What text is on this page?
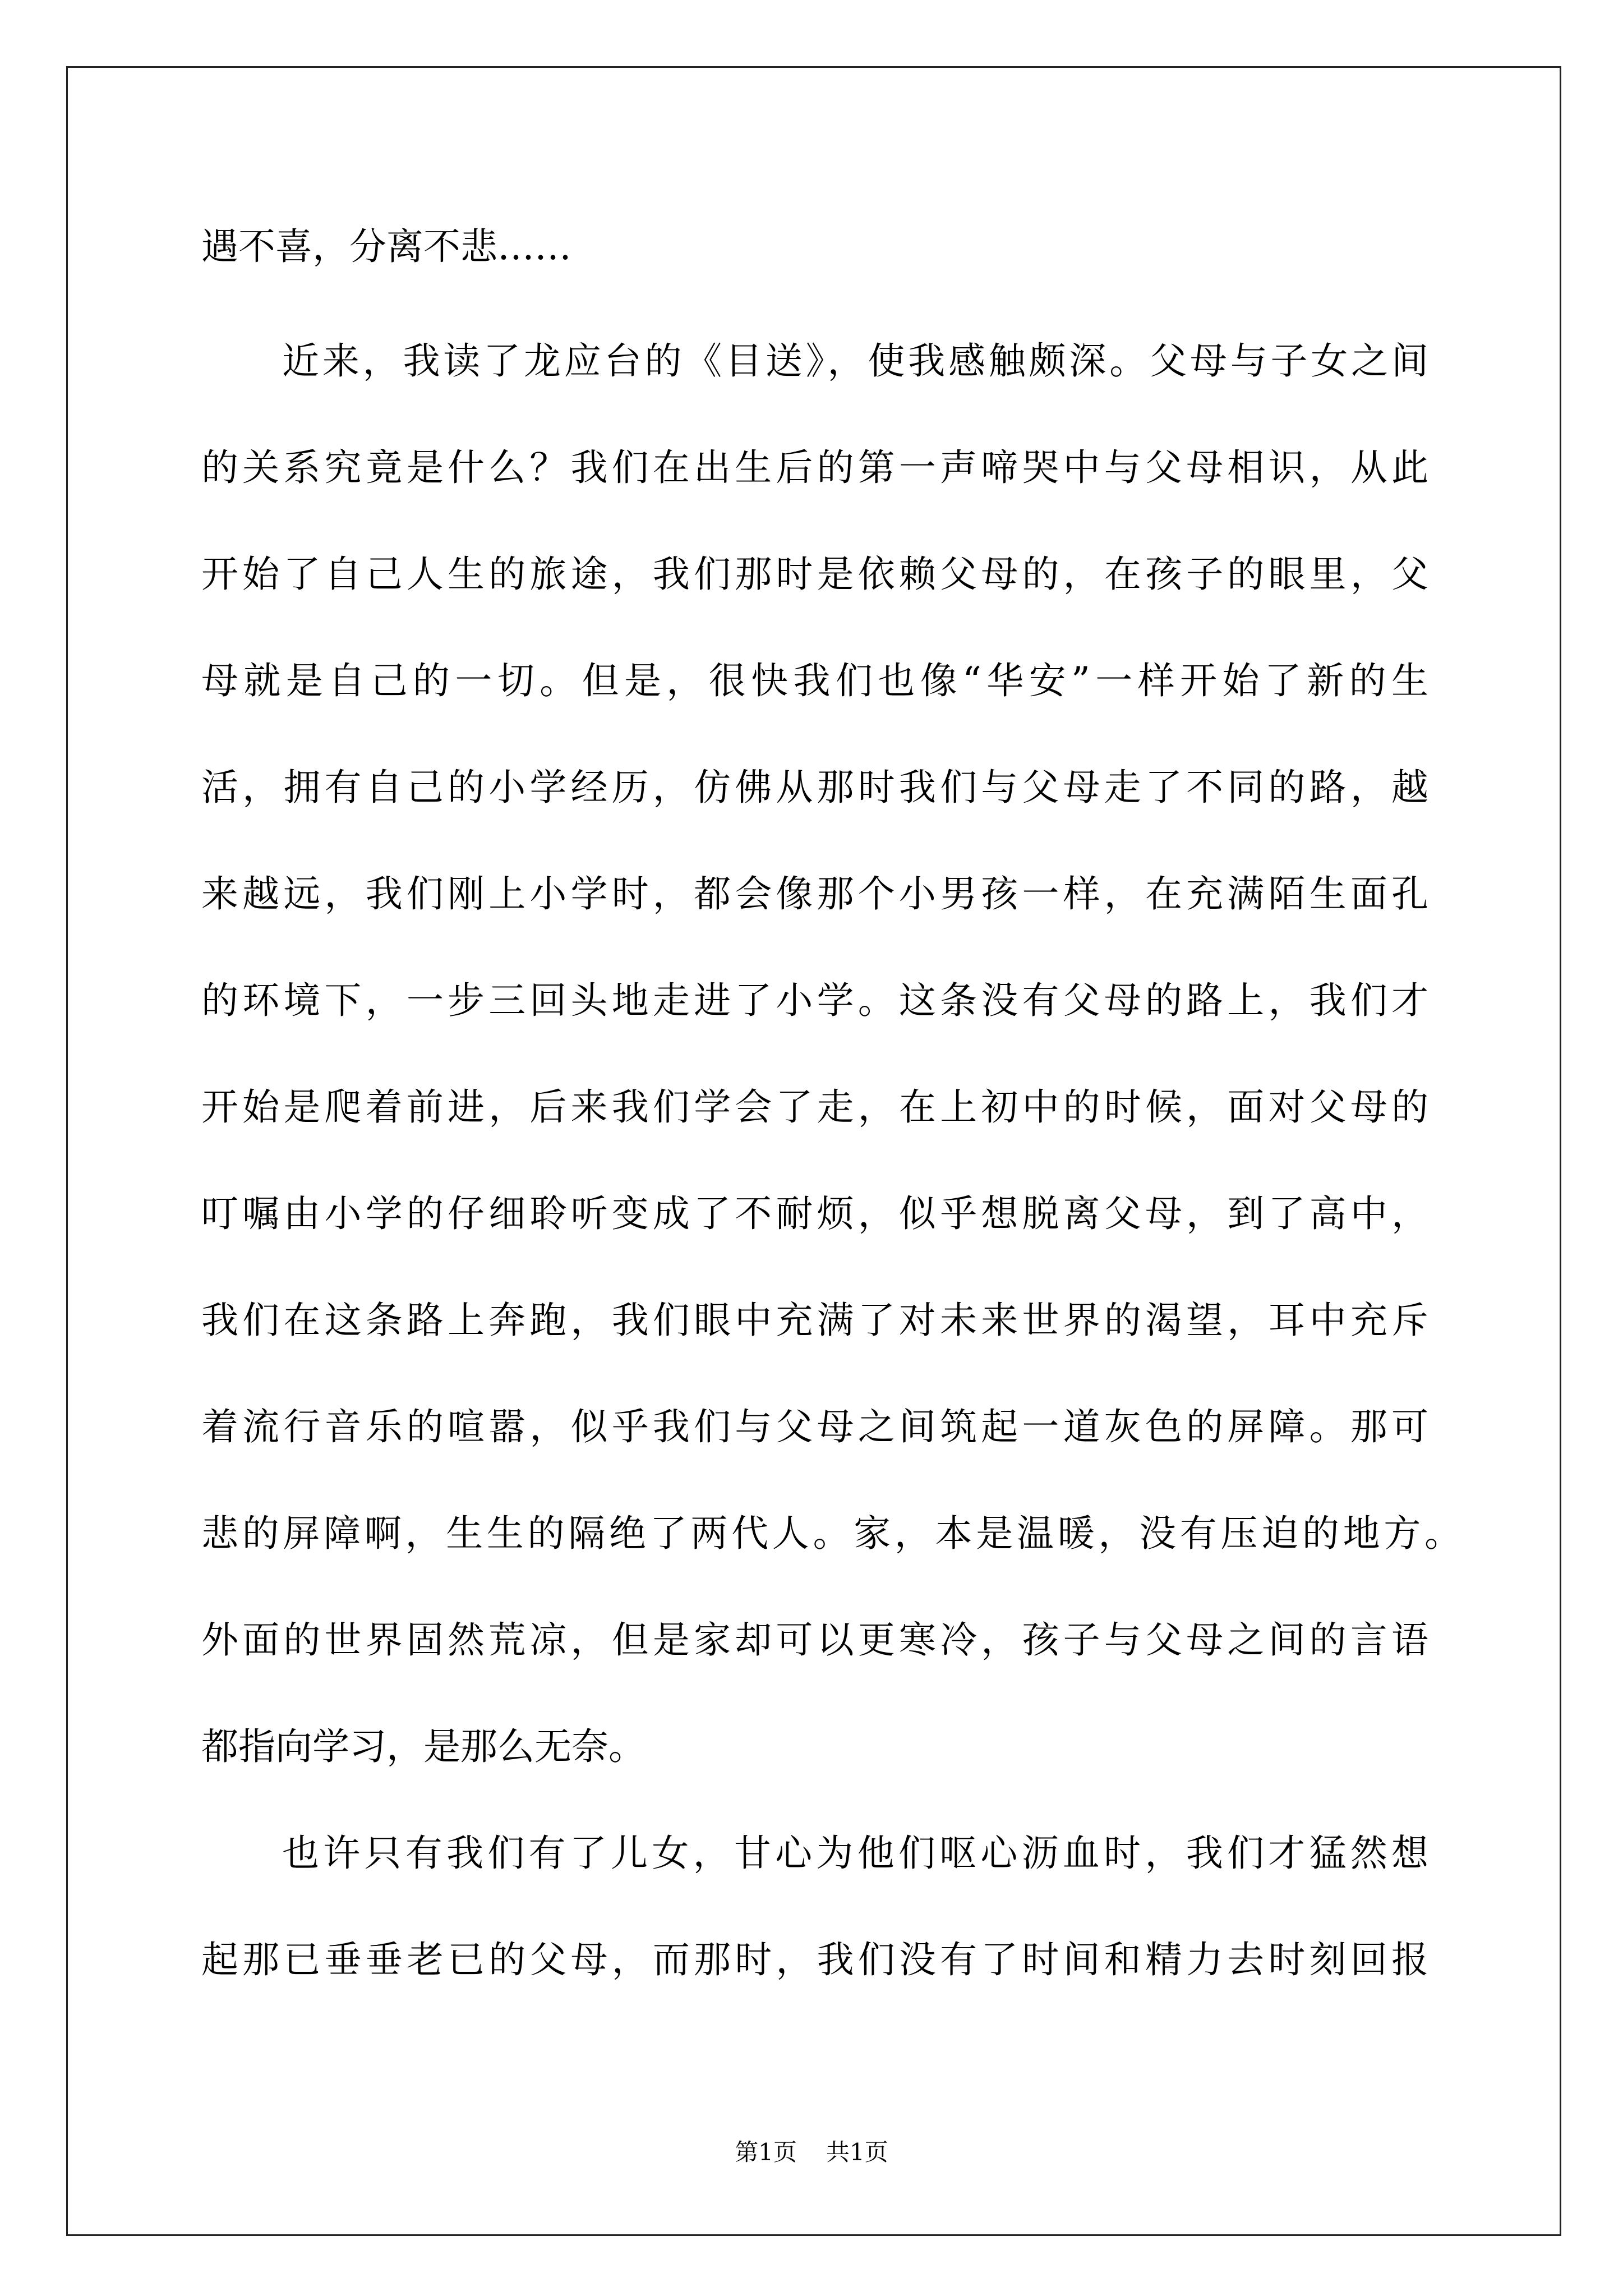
遇不喜，分离不悲……
近来，我读了龙应台的《目送》，使我感触颇深。父母与子女之间
的关系究竟是什么？我们在出生后的第一声啼哭中与父母相识，从此
开始了自己人生的旅途，我们那时是依赖父母的，在孩子的眼里，父
母就是自己的一切。但是，很快我们也像“华安”一样开始了新的生
活，拥有自己的小学经历，仿佛从那时我们与父母走了不同的路，越
来越远，我们刚上小学时，都会像那个小男孩一样，在充满陌生面孔
的环境下，一步三回头地走进了小学。这条没有父母的路上，我们才
开始是爬着前进，后来我们学会了走，在上初中的时候，面对父母的
叮嘱由小学的仔细聆听变成了不耐烦，似乎想脱离父母，到了高中，
我们在这条路上奔跑，我们眼中充满了对未来世界的渴望，耳中充斥
着流行音乐的喧嚣，似乎我们与父母之间筑起一道灰色的屏障。那可
悲的屏障啊，生生的隔绝了两代人。家，本是温暖，没有压迫的地方。
外面的世界固然荒凉，但是家却可以更寒冷，孩子与父母之间的言语
都指向学习，是那么无奈。
也许只有我们有了儿女，甘心为他们呕心沥血时，我们才猛然想
起那已垂垂老已的父母，而那时，我们没有了时间和精力去时刻回报
第1页 共1页
